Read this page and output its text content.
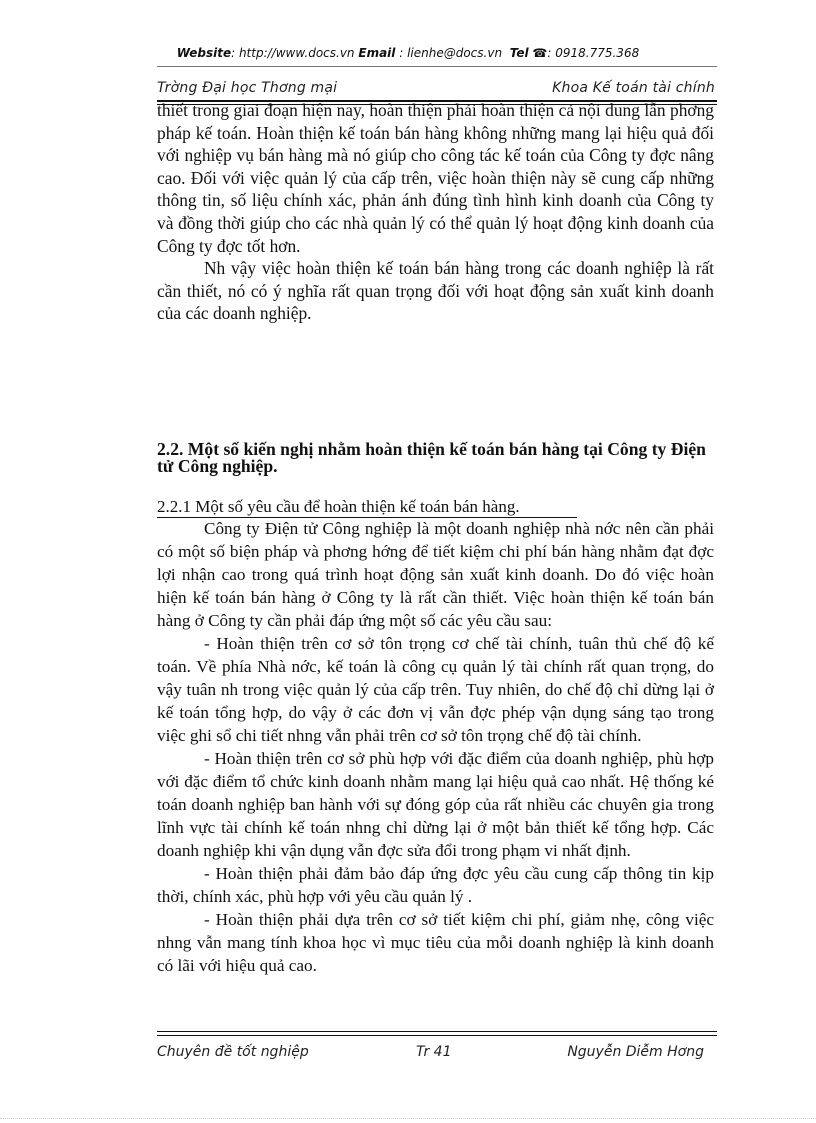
Website: http://www.docs.vn Email : lienhe@docs.vn Tel ☎: 0918.775.368
Trờng Đại học Thơng mại	Khoa Kế toán tài chính

thiết trong giai đoạn hiện nay, hoàn thiện phải hoàn thiện cả nội dung lẫn phơng pháp kế toán. Hoàn thiện kế toán bán hàng không những mang lại hiệu quả đối với nghiệp vụ bán hàng mà nó giúp cho công tác kế toán của Công ty đợc nâng cao. Đối với việc quản lý của cấp trên, việc hoàn thiện này sẽ cung cấp những thông tin, số liệu chính xác, phản ánh đúng tình hình kinh doanh của Công ty và đồng thời giúp cho các nhà quản lý có thể quản lý hoạt động kinh doanh của Công ty đợc tốt hơn.

Nh vậy việc hoàn thiện kế toán bán hàng trong các doanh nghiệp là rất cần thiết, nó có ý nghĩa rất quan trọng đối với hoạt động sản xuất kinh doanh của các doanh nghiệp.

2.2. Một số kiến nghị nhằm hoàn thiện kế toán bán hàng tại Công ty Điện tử Công nghiệp.
2.2.1 Một số yêu cầu để hoàn thiện kế toán bán hàng.

Công ty Điện tử Công nghiệp là một doanh nghiệp nhà nớc nên cần phải có một số biện pháp và phơng hớng để tiết kiệm chi phí bán hàng nhằm đạt đợc lợi nhận cao trong quá trình hoạt động sản xuất kinh doanh. Do đó việc hoàn hiện kế toán bán hàng ở Công ty là rất cần thiết. Việc hoàn thiện kế toán bán hàng ở Công ty cần phải đáp ứng một số các yêu cầu sau:

- Hoàn thiện trên cơ sở tôn trọng cơ chế tài chính, tuân thủ chế độ kế toán. Về phía Nhà nớc, kế toán là công cụ quản lý tài chính rất quan trọng, do vậy tuân nh trong việc quản lý của cấp trên. Tuy nhiên, do chế độ chỉ dừng lại ở kế toán tổng hợp, do vậy ở các đơn vị vẫn đợc phép vận dụng sáng tạo trong việc ghi sổ chi tiết nhng vẫn phải trên cơ sở tôn trọng chế độ tài chính.

- Hoàn thiện trên cơ sở phù hợp với đặc điểm của doanh nghiệp, phù hợp với đặc điểm tổ chức kinh doanh nhằm mang lại hiệu quả cao nhất. Hệ thống ké toán doanh nghiệp ban hành với sự đóng góp của rất nhiều các chuyên gia trong lĩnh vực tài chính kế toán nhng chỉ dừng lại ở một bản thiết kế tổng hợp. Các doanh nghiệp khi vận dụng vẫn đợc sửa đổi trong phạm vi nhất định.

- Hoàn thiện phải đảm bảo đáp ứng đợc yêu cầu cung cấp thông tin kịp thời, chính xác, phù hợp với yêu cầu quản lý .

- Hoàn thiện phải dựa trên cơ sở tiết kiệm chi phí, giảm nhẹ, công việc nhng vẫn mang tính khoa học vì mục tiêu của mỗi doanh nghiệp là kinh doanh có lãi với hiệu quả cao.

Chuyên đề tốt nghiệp	Tr 41	Nguyễn Diễm Hơng
